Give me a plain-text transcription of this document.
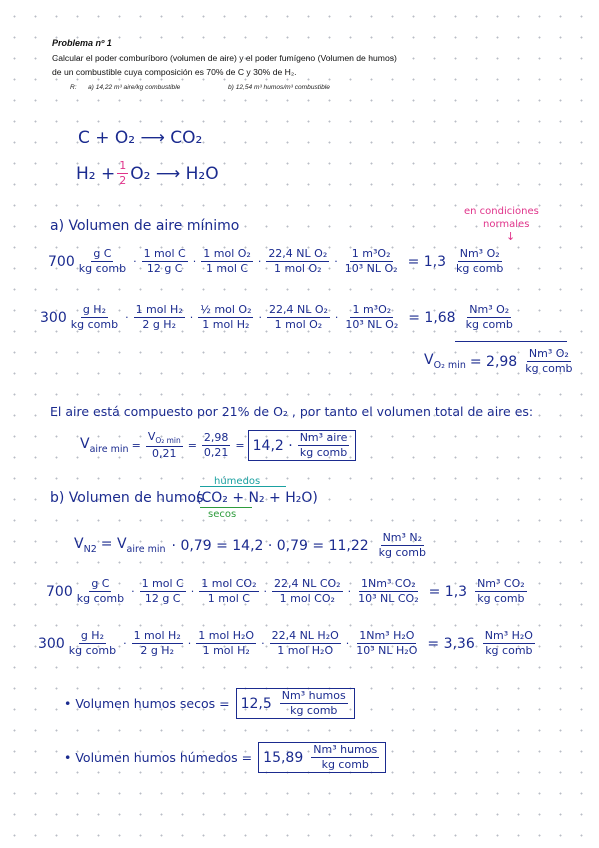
Problema nº 1
Calcular el poder comburíboro (volumen de aire) y el poder fumígeno (Volumen de humos)
de un combustible cuya composición es 70% de C y 30% de H₂.
R: a) 14,22 m³ aire/kg combustible	b) 12,54 m³ humos/m³ combustible
C + O₂ ⟶ CO₂
$H_2 + \frac{1}{2} O_2$ ⟶ H₂O
a) Volumen de aire mínimo
en condiciones
normales
↓
$700 \frac{\text{g C}}{\text{kg comb}} \cdot \frac{\text{1 mol C}}{\text{12 g C}} \cdot \frac{\text{1 mol O₂}}{\text{1 mol C}} \cdot \frac{\text{22,4 NL O₂}}{\text{1 mol O₂}} \cdot \frac{\text{1 m³O₂}}{\text{10³ NL O₂}} = 1,3 \frac{\text{Nm³ O₂}}{\text{kg comb}}$
$300 \frac{\text{g H₂}}{\text{kg comb}} \cdot \frac{\text{1 mol H₂}}{\text{2 g H₂}} \cdot \frac{\text{½ mol O₂}}{\text{1 mol H₂}} \cdot \frac{\text{22,4 NL O₂}}{\text{1 mol O₂}} \cdot \frac{\text{1 m³O₂}}{\text{10³ NL O₂}} = 1,68 \frac{\text{Nm³ O₂}}{\text{kg comb}}$
$V_{O_2 min} = 2,98 \frac{\text{Nm³ O₂}}{\text{kg comb}}$
El aire está compuesto por 21% de O₂ , por tanto el volumen total de aire es:
$V_{aire min} = \frac{V_{O_2 min}}{0,21} = \frac{2,98}{0,21} = 14,2 \cdot \frac{\text{Nm³ aire}}{\text{kg comb}}$
b) Volumen de humos
húmedos
(CO₂ + N₂ + H₂O)
secos
$V_{N2} = V_{aire min} \cdot 0,79 = 14,2 \cdot 0,79 = 11,22 \frac{\text{Nm³ N₂}}{\text{kg comb}}$
$700 \frac{\text{g C}}{\text{kg comb}} \cdot \frac{\text{1 mol C}}{\text{12 g C}} \cdot \frac{\text{1 mol CO₂}}{\text{1 mol C}} \cdot \frac{\text{22,4 NL CO₂}}{\text{1 mol CO₂}} \cdot \frac{\text{1Nm³ CO₂}}{\text{10³ NL CO₂}} = 1,3 \frac{\text{Nm³ CO₂}}{\text{kg comb}}$
$300 \frac{\text{g H₂}}{\text{kg comb}} \cdot \frac{\text{1 mol H₂}}{\text{2 g H₂}} \cdot \frac{\text{1 mol H₂O}}{\text{1 mol H₂}} \cdot \frac{\text{22,4 NL H₂O}}{\text{1 mol H₂O}} \cdot \frac{\text{1Nm³ H₂O}}{\text{10³ NL H₂O}} = 3,36 \frac{\text{Nm³ H₂O}}{\text{kg comb}}$
• Volumen humos $secos = 12,5 \frac{\text{Nm³ humos}}{\text{kg comb}}$
• Volumen humos húmedos = $15,89 \frac{\text{Nm³ humos}}{\text{kg comb}}$
